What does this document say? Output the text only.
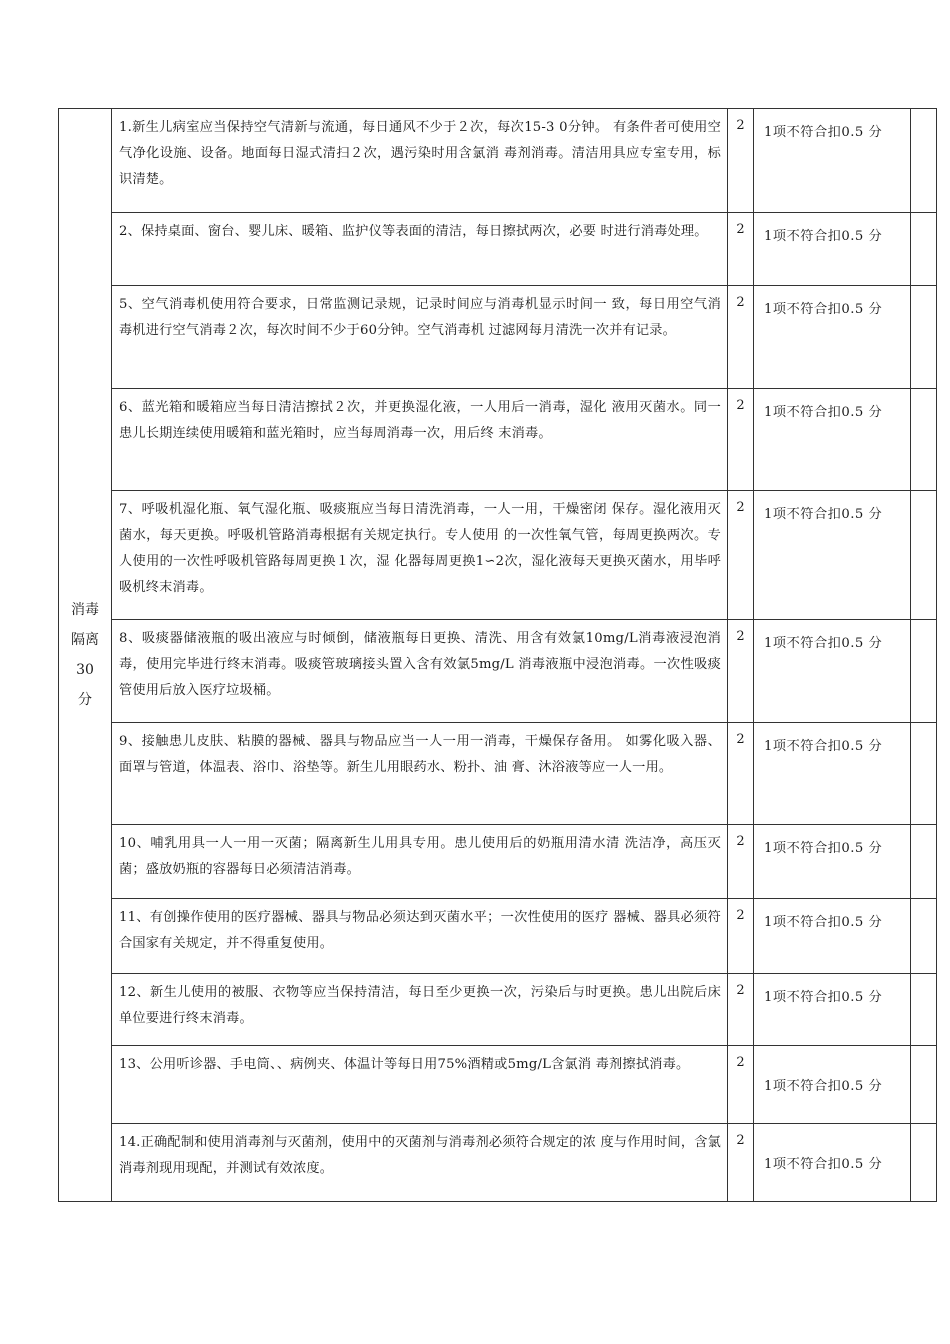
消毒
隔离
30
分	1.新生儿病室应当保持空气清新与流通，每日通风不少于２次，每次15-3 0分钟。 有条件者可使用空气净化设施、设备。地面每日湿式清扫２次，遇污染时用含氯消 毒剂消毒。清洁用具应专室专用，标识清楚。	2	1项不符合扣0.5 分	
	2、保持桌面、窗台、婴儿床、暖箱、监护仪等表面的清洁，每日擦拭两次，必要 时进行消毒处理。	2	1项不符合扣0.5 分	
	5、空气消毒机使用符合要求，日常监测记录规，记录时间应与消毒机显示时间一 致，每日用空气消毒机进行空气消毒２次，每次时间不少于60分钟。空气消毒机 过滤网每月清洗一次并有记录。	2	1项不符合扣0.5 分	
	6、蓝光箱和暖箱应当每日清洁擦拭２次，并更换湿化液，一人用后一消毒，湿化 液用灭菌水。同一患儿长期连续使用暖箱和蓝光箱时，应当每周消毒一次，用后终 末消毒。	2	1项不符合扣0.5 分	
	7、呼吸机湿化瓶、氧气湿化瓶、吸痰瓶应当每日清洗消毒，一人一用，干燥密闭 保存。湿化液用灭菌水，每天更换。呼吸机管路消毒根据有关规定执行。专人使用 的一次性氧气管，每周更换两次。专人使用的一次性呼吸机管路每周更换１次，湿 化器每周更换1∽2次，湿化液每天更换灭菌水，用毕呼吸机终末消毒。	2	1项不符合扣0.5 分	
	8、吸痰器储液瓶的吸出液应与时倾倒，储液瓶每日更换、清洗、用含有效氯10mg/L消毒液浸泡消毒，使用完毕进行终末消毒。吸痰管玻璃接头置入含有效氯5mg/L 消毒液瓶中浸泡消毒。一次性吸痰管使用后放入医疗垃圾桶。	2	1项不符合扣0.5 分	
	9、接触患儿皮肤、粘膜的器械、器具与物品应当一人一用一消毒，干燥保存备用。 如雾化吸入器、面罩与管道，体温表、浴巾、浴垫等。新生儿用眼药水、粉扑、油 膏、沐浴液等应一人一用。	2	1项不符合扣0.5 分	
	10、哺乳用具一人一用一灭菌；隔离新生儿用具专用。患儿使用后的奶瓶用清水清 洗洁净，高压灭菌；盛放奶瓶的容器每日必须清洁消毒。	2	1项不符合扣0.5 分	
	11、有创操作使用的医疗器械、器具与物品必须达到灭菌水平；一次性使用的医疗 器械、器具必须符合国家有关规定，并不得重复使用。	2	1项不符合扣0.5 分	
	12、新生儿使用的被服、衣物等应当保持清洁，每日至少更换一次，污染后与时更换。患儿出院后床单位要进行终末消毒。	2	1项不符合扣0.5 分	
	13、公用听诊器、手电筒、、病例夹、体温计等每日用75%酒精或5mg/L含氯消 毒剂擦拭消毒。	2	1项不符合扣0.5 分	
	14.正确配制和使用消毒剂与灭菌剂，使用中的灭菌剂与消毒剂必须符合规定的浓 度与作用时间，含氯消毒剂现用现配，并测试有效浓度。	2	1项不符合扣0.5 分	
